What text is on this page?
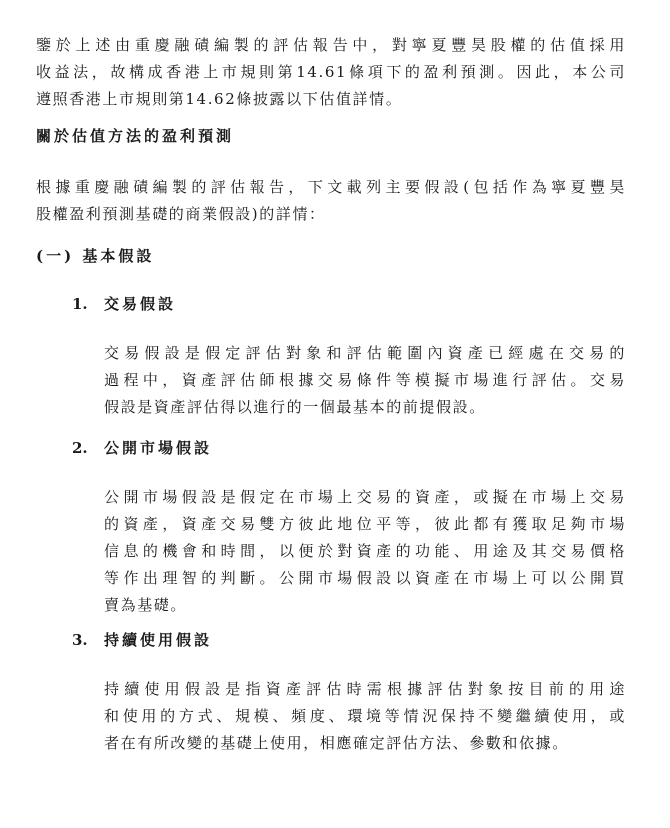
鑒於上述由重慶融磧編製的評估報告中，對寧夏豐昊股權的估值採用
收益法，故構成香港上市規則第14.61條項下的盈利預測。因此，本公司
遵照香港上市規則第14.62條披露以下估值詳情。
關於估值方法的盈利預測
根據重慶融磧編製的評估報告，下文載列主要假設(包括作為寧夏豐昊
股權盈利預測基礎的商業假設)的詳情：
(一) 基本假設
1. 交易假設
交易假設是假定評估對象和評估範圍內資產已經處在交易的
過程中，資產評估師根據交易條件等模擬市場進行評估。交易
假設是資產評估得以進行的一個最基本的前提假設。
2. 公開市場假設
公開市場假設是假定在市場上交易的資產，或擬在市場上交易
的資產，資產交易雙方彼此地位平等，彼此都有獲取足夠市場
信息的機會和時間，以便於對資產的功能、用途及其交易價格
等作出理智的判斷。公開市場假設以資產在市場上可以公開買
賣為基礎。
3. 持續使用假設
持續使用假設是指資產評估時需根據評估對象按目前的用途
和使用的方式、規模、頻度、環境等情況保持不變繼續使用，或
者在有所改變的基礎上使用，相應確定評估方法、參數和依據。
